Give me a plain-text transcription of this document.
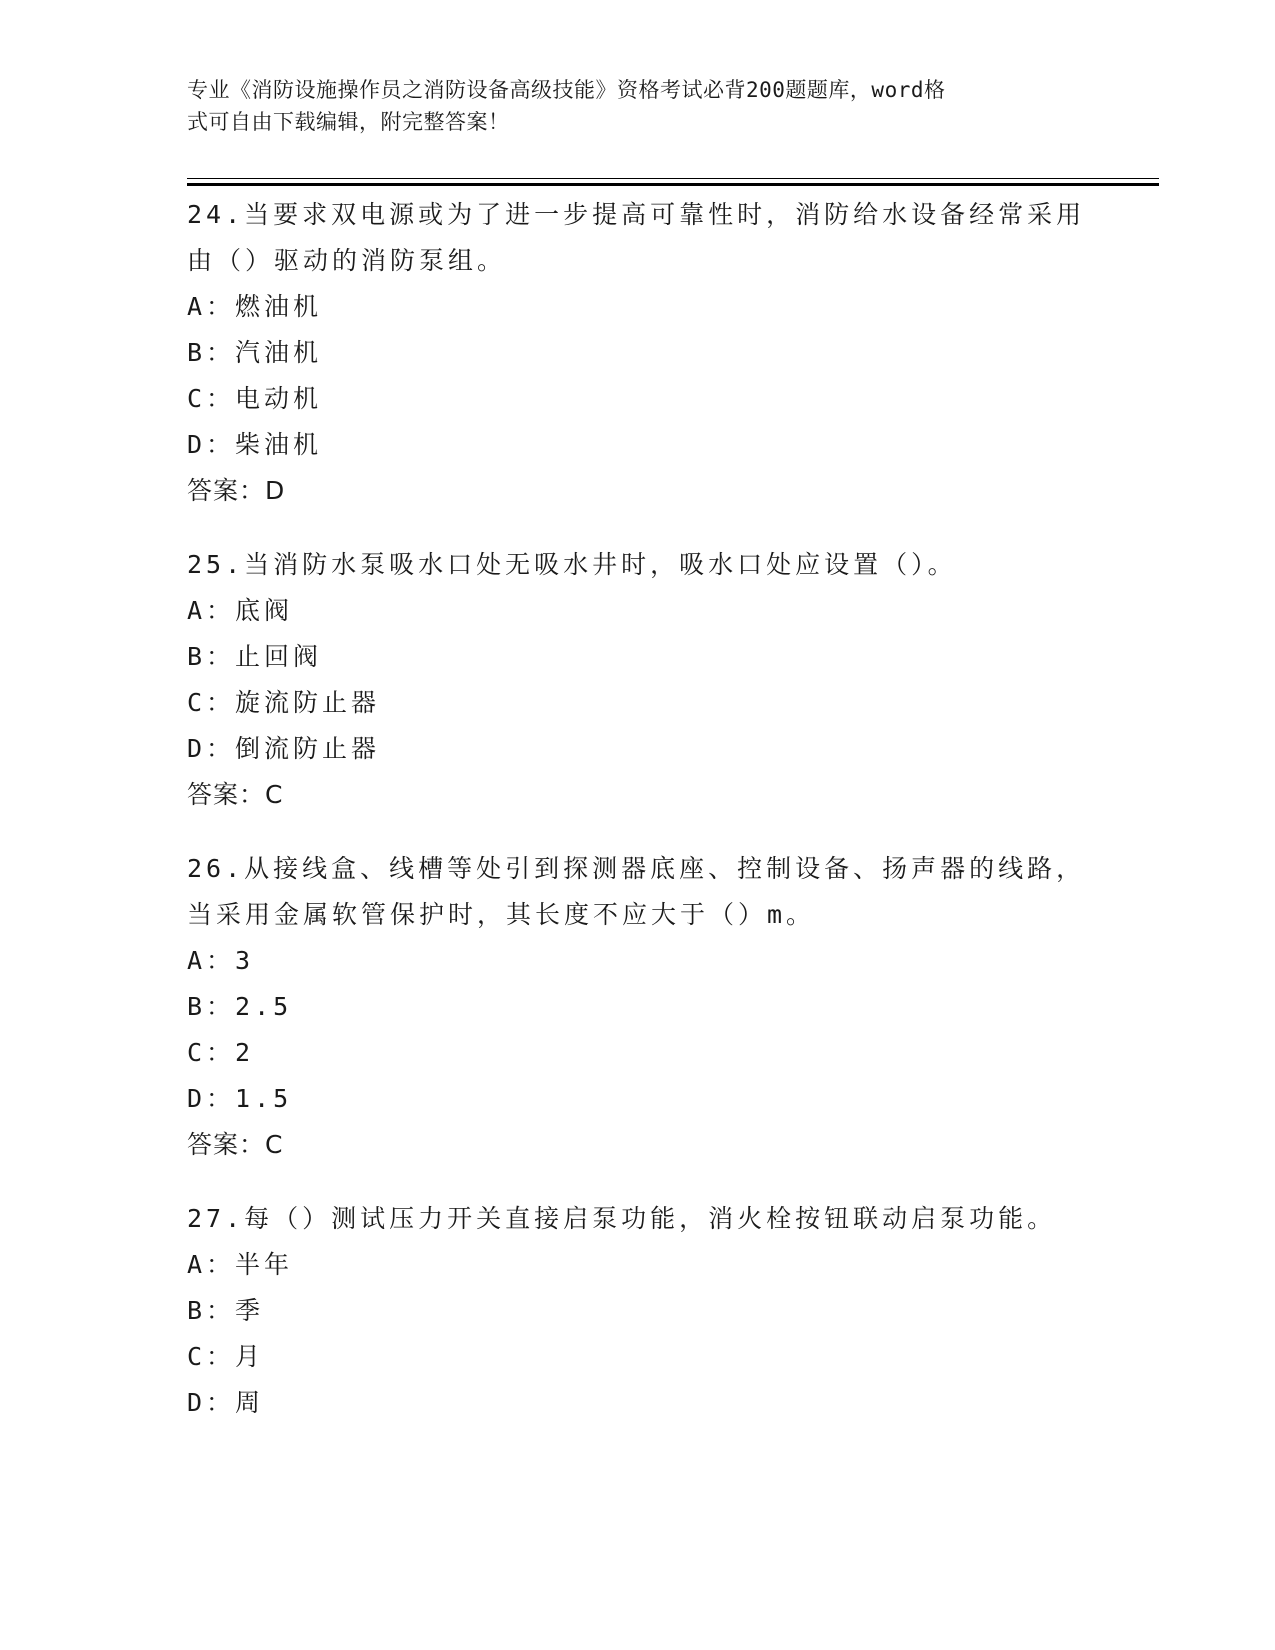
专业《消防设施操作员之消防设备高级技能》资格考试必背200题题库，word格
式可自由下载编辑，附完整答案！

24.当要求双电源或为了进一步提高可靠性时，消防给水设备经常采用

由（）驱动的消防泵组。

A：燃油机

B：汽油机

C：电动机

D：柴油机

答案：D

25.当消防水泵吸水口处无吸水井时，吸水口处应设置（）。

A：底阀

B：止回阀

C：旋流防止器

D：倒流防止器

答案：C

26.从接线盒、线槽等处引到探测器底座、控制设备、扬声器的线路，

当采用金属软管保护时，其长度不应大于（）m。

A：3

B：2.5

C：2

D：1.5

答案：C

27.每（）测试压力开关直接启泵功能，消火栓按钮联动启泵功能。

A：半年

B：季

C：月

D：周
